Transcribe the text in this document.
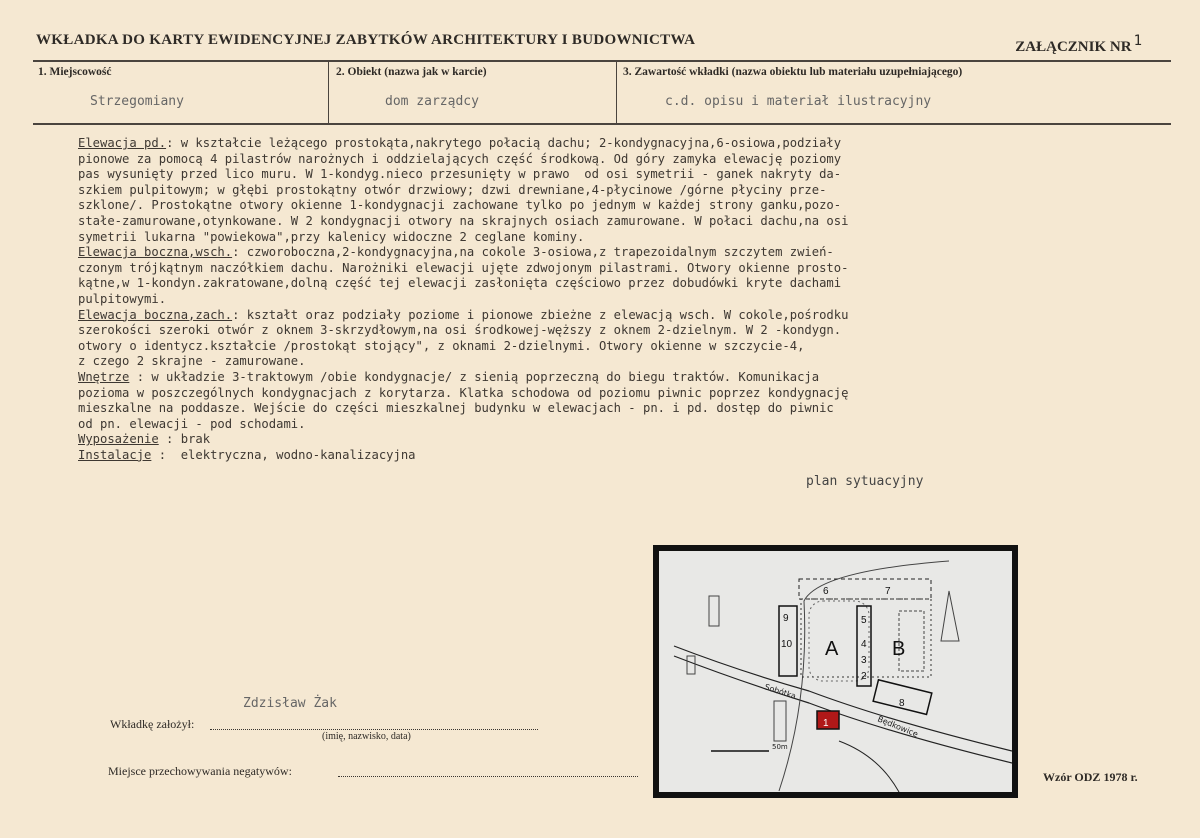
WKŁADKA DO KARTY EWIDENCYJNEJ ZABYTKÓW ARCHITEKTURY I BUDOWNICTWA	ZAŁĄCZNIK NR 1
1. Miejscowość
Strzegomiany
2. Obiekt (nazwa jak w karcie)
dom zarządcy
3. Zawartość wkładki (nazwa obiektu lub materiału uzupełniającego)
c.d. opisu i materiał ilustracyjny
Elewacja pd.: w kształcie leżącego prostokąta,nakrytego połacią dachu; 2-kondygnacyjna,6-osiowa,podziały
pionowe za pomocą 4 pilastrów narożnych i oddzielających część środkową. Od góry zamyka elewację poziomy
pas wysunięty przed lico muru. W 1-kondyg.nieco przesunięty w prawo  od osi symetrii - ganek nakryty da-
szkiem pulpitowym; w głębi prostokątny otwór drzwiowy; dzwi drewniane,4-płycinowe /górne płyciny prze-
szklone/. Prostokątne otwory okienne 1-kondygnacji zachowane tylko po jednym w każdej strony ganku,pozo-
stałe-zamurowane,otynkowane. W 2 kondygnacji otwory na skrajnych osiach zamurowane. W połaci dachu,na osi
symetrii lukarna "powiekowa",przy kalenicy widoczne 2 ceglane kominy.
Elewacja boczna,wsch.: czworoboczna,2-kondygnacyjna,na cokole 3-osiowa,z trapezoidalnym szczytem zwień-
czonym trójkątnym naczółkiem dachu. Narożniki elewacji ujęte zdwojonym pilastrami. Otwory okienne prosto-
kątne,w 1-kondyn.zakratowane,dolną część tej elewacji zasłonięta częściowo przez dobudówki kryte dachami
pulpitowymi.
Elewacja boczna,zach.: kształt oraz podziały poziome i pionowe zbieżne z elewacją wsch. W cokole,pośrodku
szerokości szeroki otwór z oknem 3-skrzydłowym,na osi środkowej-węższy z oknem 2-dzielnym. W 2 -kondygn.
otwory o identycz.kształcie /prostokąt stojący", z oknami 2-dzielnymi. Otwory okienne w szczycie-4,
z czego 2 skrajne - zamurowane.
Wnętrze : w układzie 3-traktowym /obie kondygnacje/ z sienią poprzeczną do biegu traktów. Komunikacja
pozioma w poszczególnych kondygnacjach z korytarza. Klatka schodowa od poziomu piwnic poprzez kondygnację
mieszkalne na poddasze. Wejście do części mieszkalnej budynku w elewacjach - pn. i pd. dostęp do piwnic
od pn. elewacji - pod schodami.
Wyposażenie : brak
Instalacje :  elektryczna, wodno-kanalizacyjna
plan sytuacyjny
A	B
1
2
3
4
5
6	7
8
9
10
Sobótka
Będkowice
50m
Zdzisław Żak
Wkładkę założył:
(imię, nazwisko, data)
Miejsce przechowywania negatywów:	Wzór ODZ 1978 r.
